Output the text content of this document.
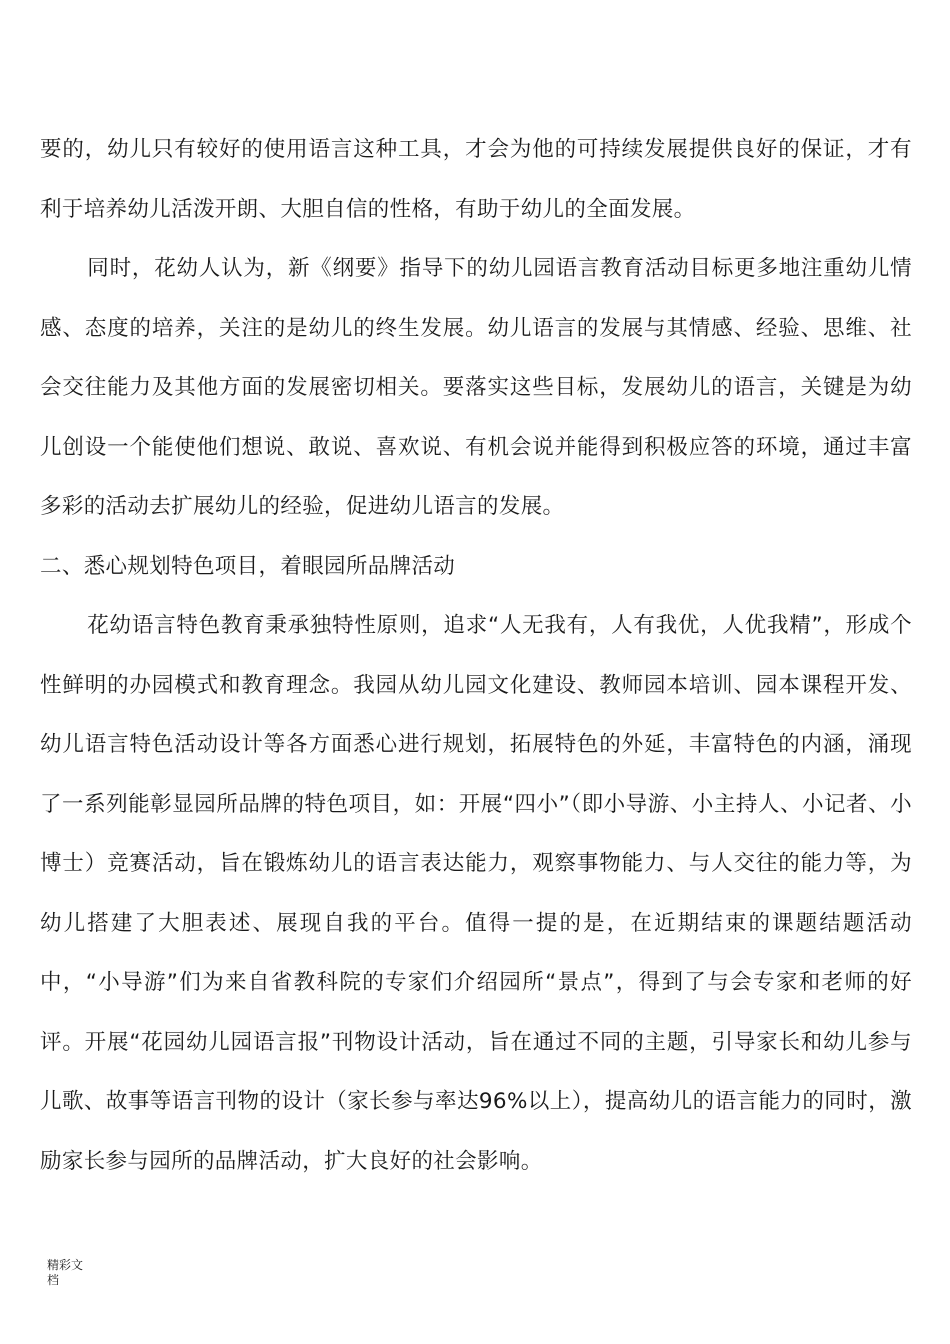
要的，幼儿只有较好的使用语言这种工具，才会为他的可持续发展提供良好的保证，才有利于培养幼儿活泼开朗、大胆自信的性格，有助于幼儿的全面发展。

同时，花幼人认为，新《纲要》指导下的幼儿园语言教育活动目标更多地注重幼儿情感、态度的培养，关注的是幼儿的终生发展。幼儿语言的发展与其情感、经验、思维、社会交往能力及其他方面的发展密切相关。要落实这些目标，发展幼儿的语言，关键是为幼儿创设一个能使他们想说、敢说、喜欢说、有机会说并能得到积极应答的环境，通过丰富多彩的活动去扩展幼儿的经验，促进幼儿语言的发展。

二、悉心规划特色项目，着眼园所品牌活动

花幼语言特色教育秉承独特性原则，追求“人无我有，人有我优，人优我精”，形成个性鲜明的办园模式和教育理念。我园从幼儿园文化建设、教师园本培训、园本课程开发、幼儿语言特色活动设计等各方面悉心进行规划，拓展特色的外延，丰富特色的内涵，涌现了一系列能彰显园所品牌的特色项目，如：开展“四小”（即小导游、小主持人、小记者、小博士）竞赛活动，旨在锻炼幼儿的语言表达能力，观察事物能力、与人交往的能力等，为幼儿搭建了大胆表述、展现自我的平台。值得一提的是，在近期结束的课题结题活动中，“小导游”们为来自省教科院的专家们介绍园所“景点”，得到了与会专家和老师的好评。开展“花园幼儿园语言报”刊物设计活动，旨在通过不同的主题，引导家长和幼儿参与儿歌、故事等语言刊物的设计（家长参与率达96%以上），提高幼儿的语言能力的同时，激励家长参与园所的品牌活动，扩大良好的社会影响。

精彩文
档
